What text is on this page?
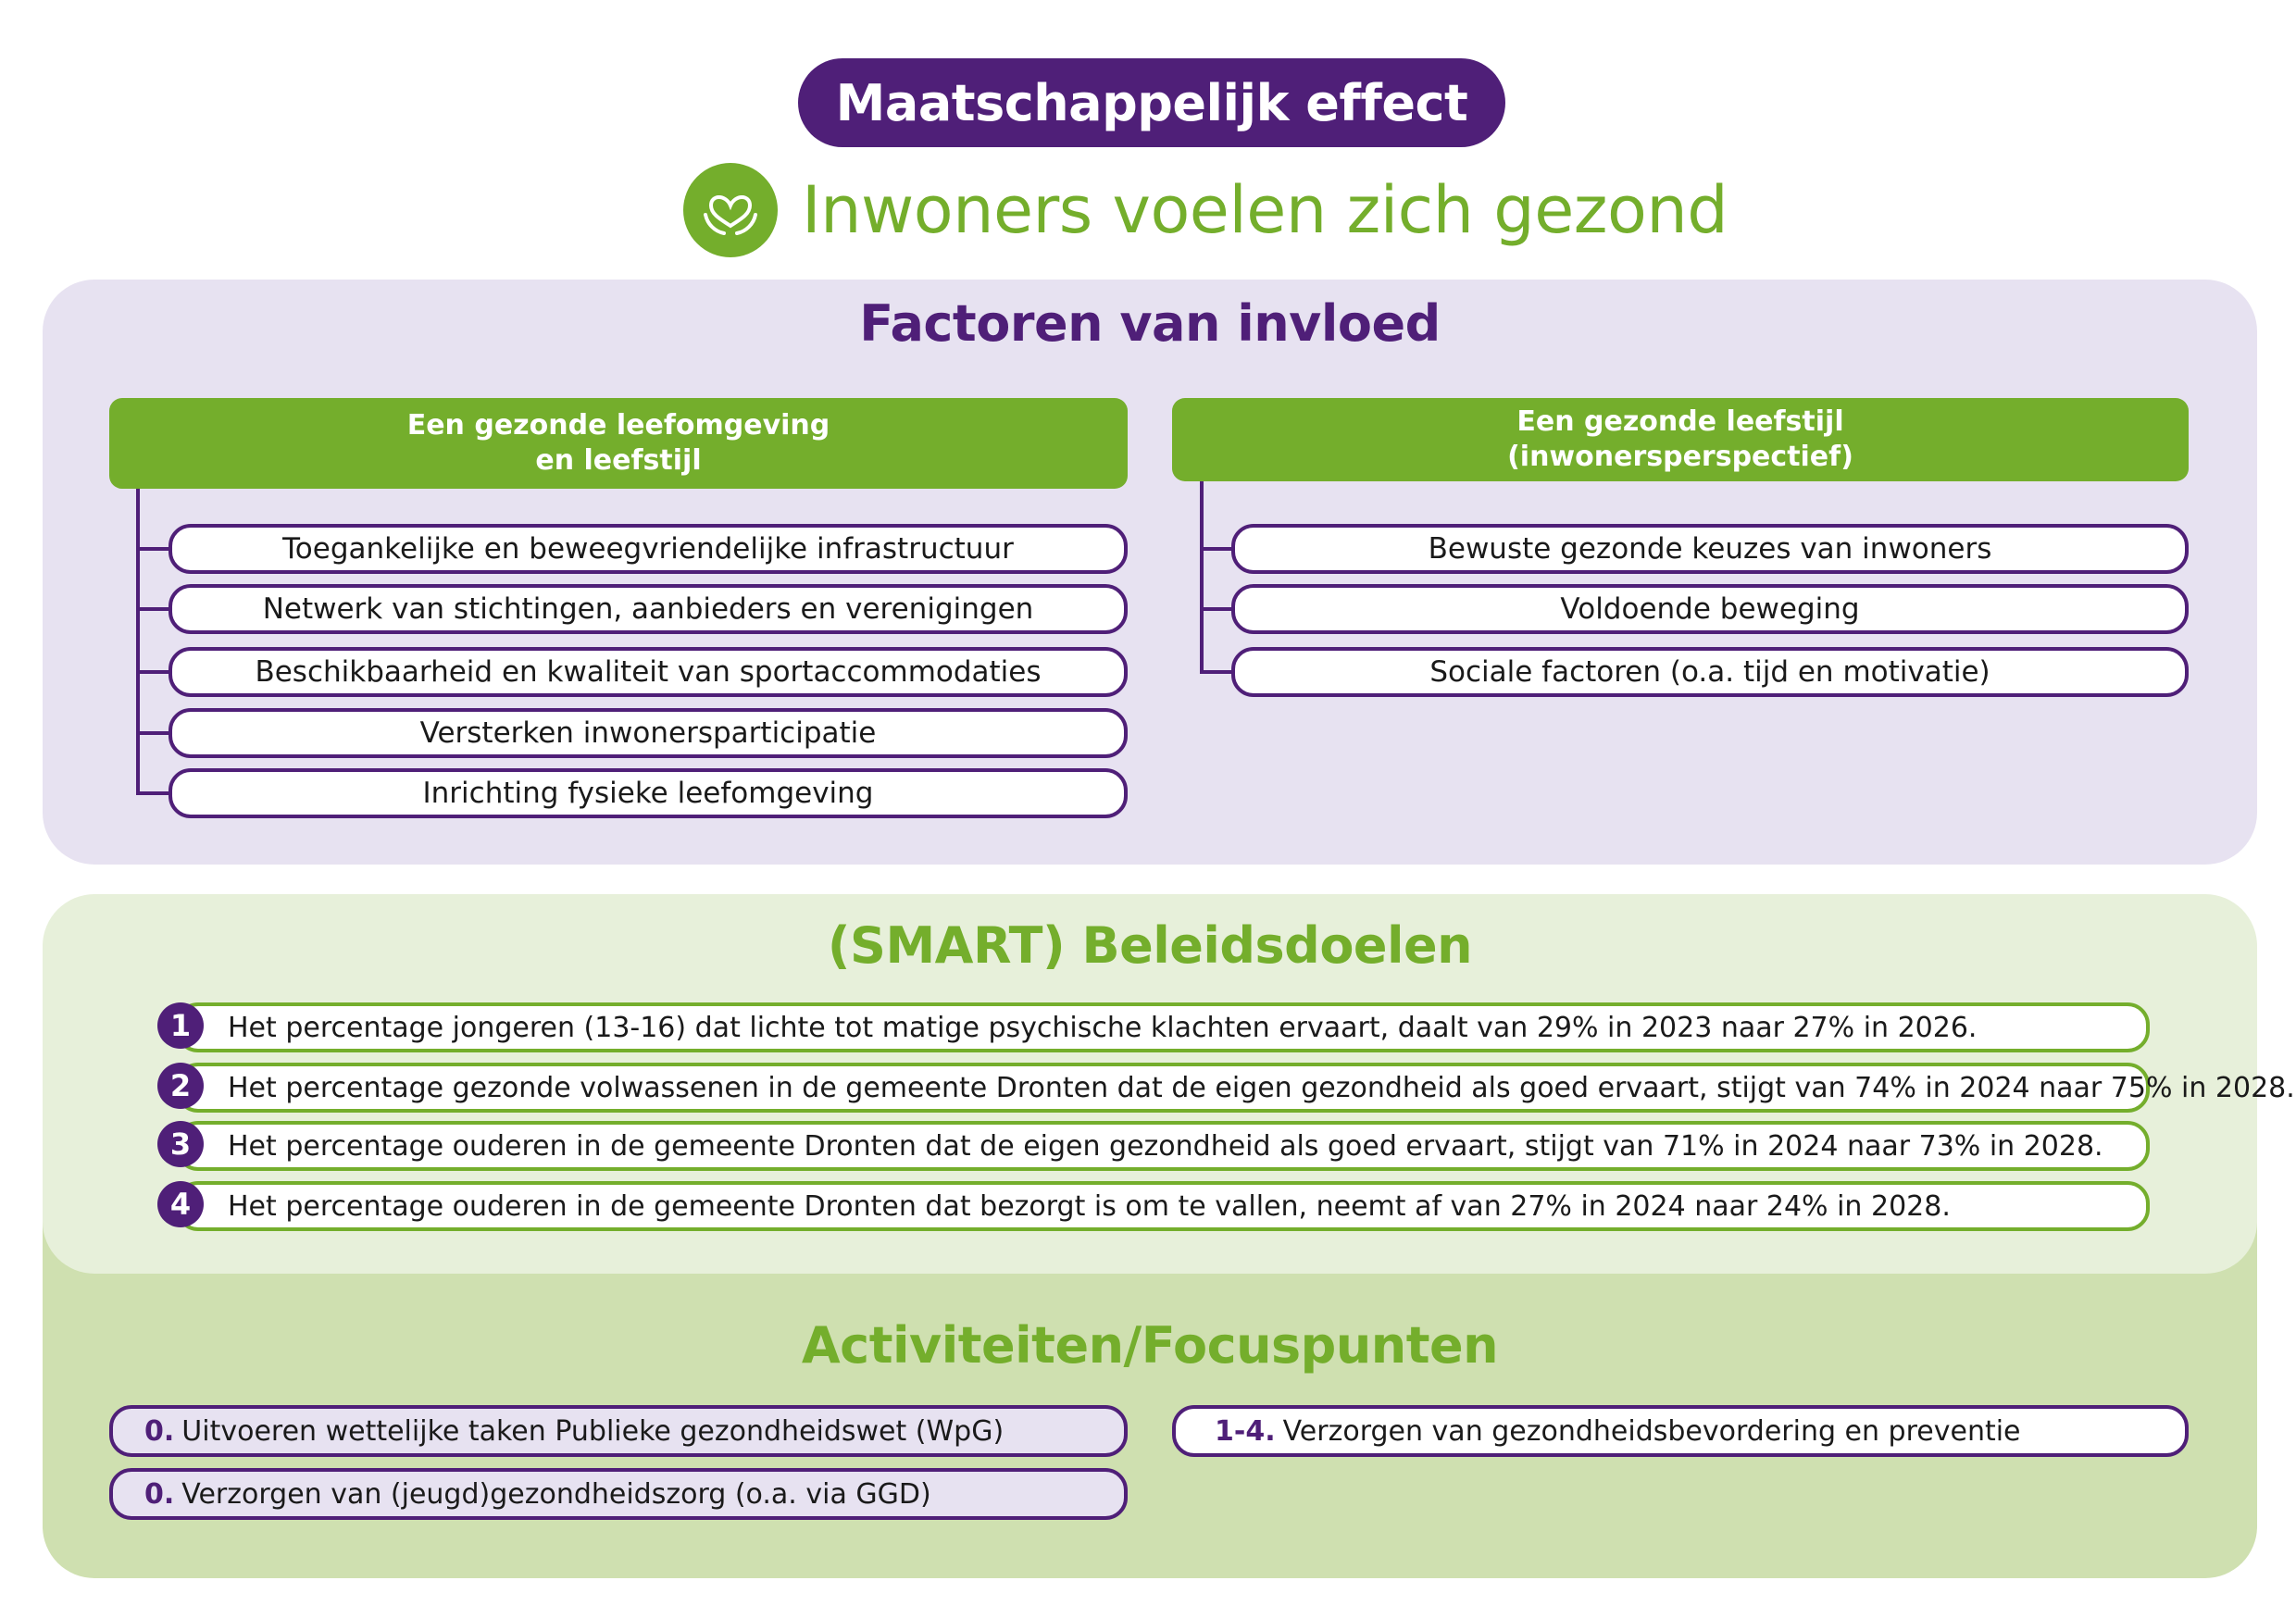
Maatschappelijk effect
Inwoners voelen zich gezond
Factoren van invloed
Een gezonde leefomgeving
en leefstijl
Toegankelijke en beweegvriendelijke infrastructuur
Netwerk van stichtingen, aanbieders en verenigingen
Beschikbaarheid en kwaliteit van sportaccommodaties
Versterken inwonersparticipatie
Inrichting fysieke leefomgeving
Een gezonde leefstijl
(inwonersperspectief)
Bewuste gezonde keuzes van inwoners
Voldoende beweging
Sociale factoren (o.a. tijd en motivatie)
(SMART) Beleidsdoelen
Het percentage jongeren (13-16) dat lichte tot matige psychische klachten ervaart, daalt van 29% in 2023 naar 27% in 2026.
1
Het percentage gezonde volwassenen in de gemeente Dronten dat de eigen gezondheid als goed ervaart, stijgt van 74% in 2024 naar 75% in 2028.
2
Het percentage ouderen in de gemeente Dronten dat de eigen gezondheid als goed ervaart, stijgt van 71% in 2024 naar 73% in 2028.
3
Het percentage ouderen in de gemeente Dronten dat bezorgt is om te vallen, neemt af van 27% in 2024 naar 24% in 2028.
4
Activiteiten/Focuspunten
0. Uitvoeren wettelijke taken Publieke gezondheidswet (WpG)
0. Verzorgen van (jeugd)gezondheidszorg (o.a. via GGD)
1-4. Verzorgen van gezondheidsbevordering en preventie
